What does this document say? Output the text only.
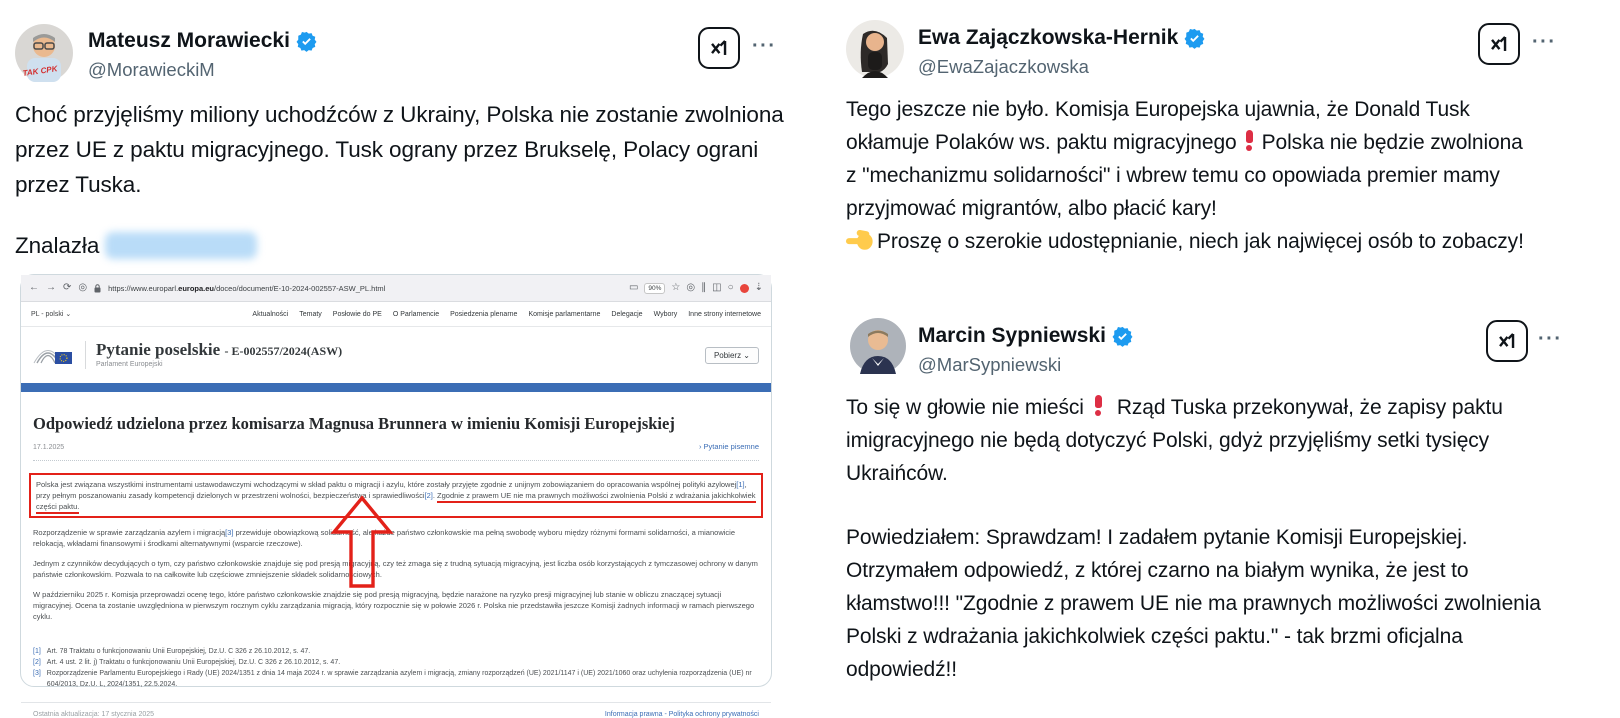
TAK  CPK
Mateusz Morawiecki
@MorawieckiM
···
Choć przyjęliśmy miliony uchodźców z Ukrainy, Polska nie zostanie zwolniona przez UE z paktu migracyjnego. Tusk ograny przez Brukselę, Polacy ograni przez Tuska.
Znalazła
← → ⟳ ◎	https://www.europarl.europa.eu/doceo/document/E-10-2024-002557-ASW_PL.html	▭	90%	☆ ◎ ∥ ◫ ○ ⇣
PL - polski ⌄	Aktualności Tematy Posłowie do PE O Parlamencie Posiedzenia plenarne Komisje parlamentarne Delegacje Wybory Inne strony internetowe
Pytanie poselskie - E-002557/2024(ASW)
Parlament Europejski
Pobierz ⌄
Odpowiedź udzielona przez komisarza Magnusa Brunnera w imieniu Komisji Europejskiej
17.1.2025	› Pytanie pisemne
Polska jest związana wszystkimi instrumentami ustawodawczymi wchodzącymi w skład paktu o migracji i azylu, które zostały przyjęte zgodnie z unijnym zobowiązaniem do opracowania wspólnej polityki azylowej[1], przy pełnym poszanowaniu zasady kompetencji dzielonych w przestrzeni wolności, bezpieczeństwa i sprawiedliwości[2]. Zgodnie z prawem UE nie ma prawnych możliwości zwolnienia Polski z wdrażania jakichkolwiek części paktu.
Rozporządzenie w sprawie zarządzania azylem i migracją[3] przewiduje obowiązkową solidarność, ale każde państwo członkowskie ma pełną swobodę wyboru między różnymi formami solidarności, a mianowicie relokacją, wkładami finansowymi i środkami alternatywnymi (wsparcie rzeczowe).
Jednym z czynników decydujących o tym, czy państwo członkowskie znajduje się pod presją migracyjną, czy też zmaga się z trudną sytuacją migracyjną, jest liczba osób korzystających z tymczasowej ochrony w danym państwie członkowskim. Pozwala to na całkowite lub częściowe zmniejszenie składek solidarnościowych.
W październiku 2025 r. Komisja przeprowadzi ocenę tego, które państwo członkowskie znajdzie się pod presją migracyjną, będzie narażone na ryzyko presji migracyjnej lub stanie w obliczu znaczącej sytuacji migracyjnej. Ocena ta zostanie uwzględniona w pierwszym rocznym cyklu zarządzania migracją, który rozpocznie się w połowie 2026 r. Polska nie przedstawiła jeszcze Komisji żadnych informacji w ramach pierwszego cyklu.
[1] Art. 78 Traktatu o funkcjonowaniu Unii Europejskiej, Dz.U. C 326 z 26.10.2012, s. 47.
[2] Art. 4 ust. 2 lit. j) Traktatu o funkcjonowaniu Unii Europejskiej, Dz.U. C 326 z 26.10.2012, s. 47.
[3] Rozporządzenie Parlamentu Europejskiego i Rady (UE) 2024/1351 z dnia 14 maja 2024 r. w sprawie zarządzania azylem i migracją, zmiany rozporządzeń (UE) 2021/1147 i (UE) 2021/1060 oraz uchylenia rozporządzenia (UE) nr 604/2013, Dz.U. L, 2024/1351, 22.5.2024.
Ostatnia aktualizacja: 17 stycznia 2025	Informacja prawna - Polityka ochrony prywatności
Ewa Zajączkowska-Hernik
@EwaZajaczkowska
···
Tego jeszcze nie było. Komisja Europejska ujawnia, że Donald Tusk okłamuje Polaków ws. paktu migracyjnego Polska nie będzie zwolniona z "mechanizmu solidarności" i wbrew temu co opowiada premier mamy przyjmować migrantów, albo płacić kary!
Proszę o szerokie udostępnianie, niech jak najwięcej osób to zobaczy!
Marcin Sypniewski
@MarSypniewski
···
To się w głowie nie mieści Rząd Tuska przekonywał, że zapisy paktu imigracyjnego nie będą dotyczyć Polski, gdyż przyjęliśmy setki tysięcy Ukraińców.
Powiedziałem: Sprawdzam! I zadałem pytanie Komisji Europejskiej. Otrzymałem odpowiedź, z której czarno na białym wynika, że jest to kłamstwo!!! "Zgodnie z prawem UE nie ma prawnych możliwości zwolnienia Polski z wdrażania jakichkolwiek części paktu." - tak brzmi oficjalna odpowiedź!!
